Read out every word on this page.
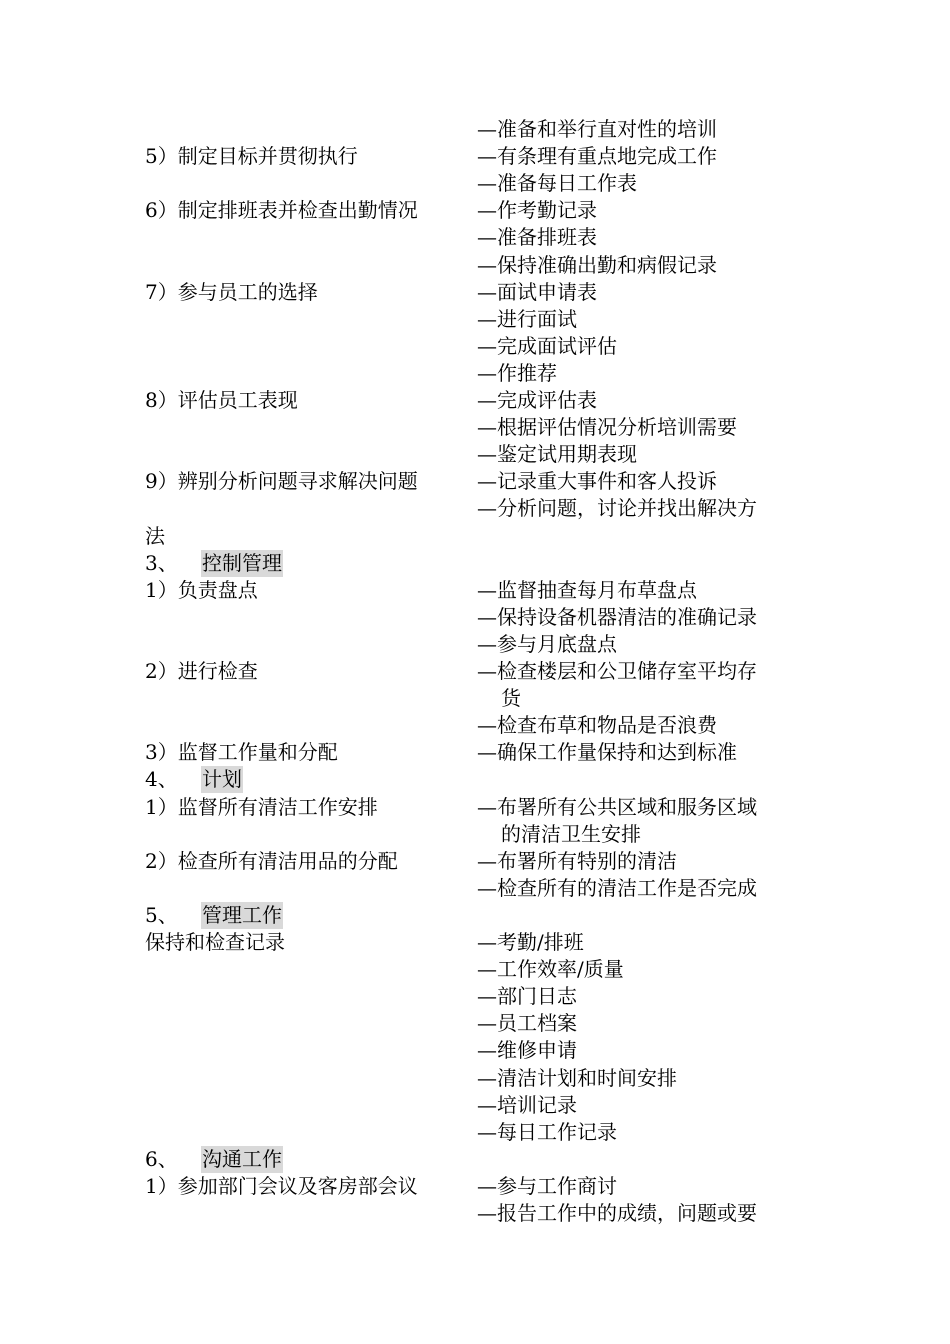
—准备和举行直对性的培训
5）制定目标并贯彻执行	—有条理有重点地完成工作
—准备每日工作表
6）制定排班表并检查出勤情况	—作考勤记录
—准备排班表
—保持准确出勤和病假记录
7）参与员工的选择	—面试申请表
—进行面试
—完成面试评估
—作推荐
8）评估员工表现	—完成评估表
—根据评估情况分析培训需要
—鉴定试用期表现
9）辨别分析问题寻求解决问题	—记录重大事件和客人投诉
—分析问题，讨论并找出解决方
法
3、 控制管理
1）负责盘点	—监督抽查每月布草盘点
—保持设备机器清洁的准确记录
—参与月底盘点
2）进行检查	—检查楼层和公卫储存室平均存
货
—检查布草和物品是否浪费
3）监督工作量和分配	—确保工作量保持和达到标准
4、 计划
1）监督所有清洁工作安排	—布署所有公共区域和服务区域
的清洁卫生安排
2）检查所有清洁用品的分配	—布署所有特别的清洁
—检查所有的清洁工作是否完成
5、 管理工作
保持和检查记录	—考勤/排班
—工作效率/质量
—部门日志
—员工档案
—维修申请
—清洁计划和时间安排
—培训记录
—每日工作记录
6、 沟通工作
1）参加部门会议及客房部会议	—参与工作商讨
—报告工作中的成绩，问题或要
